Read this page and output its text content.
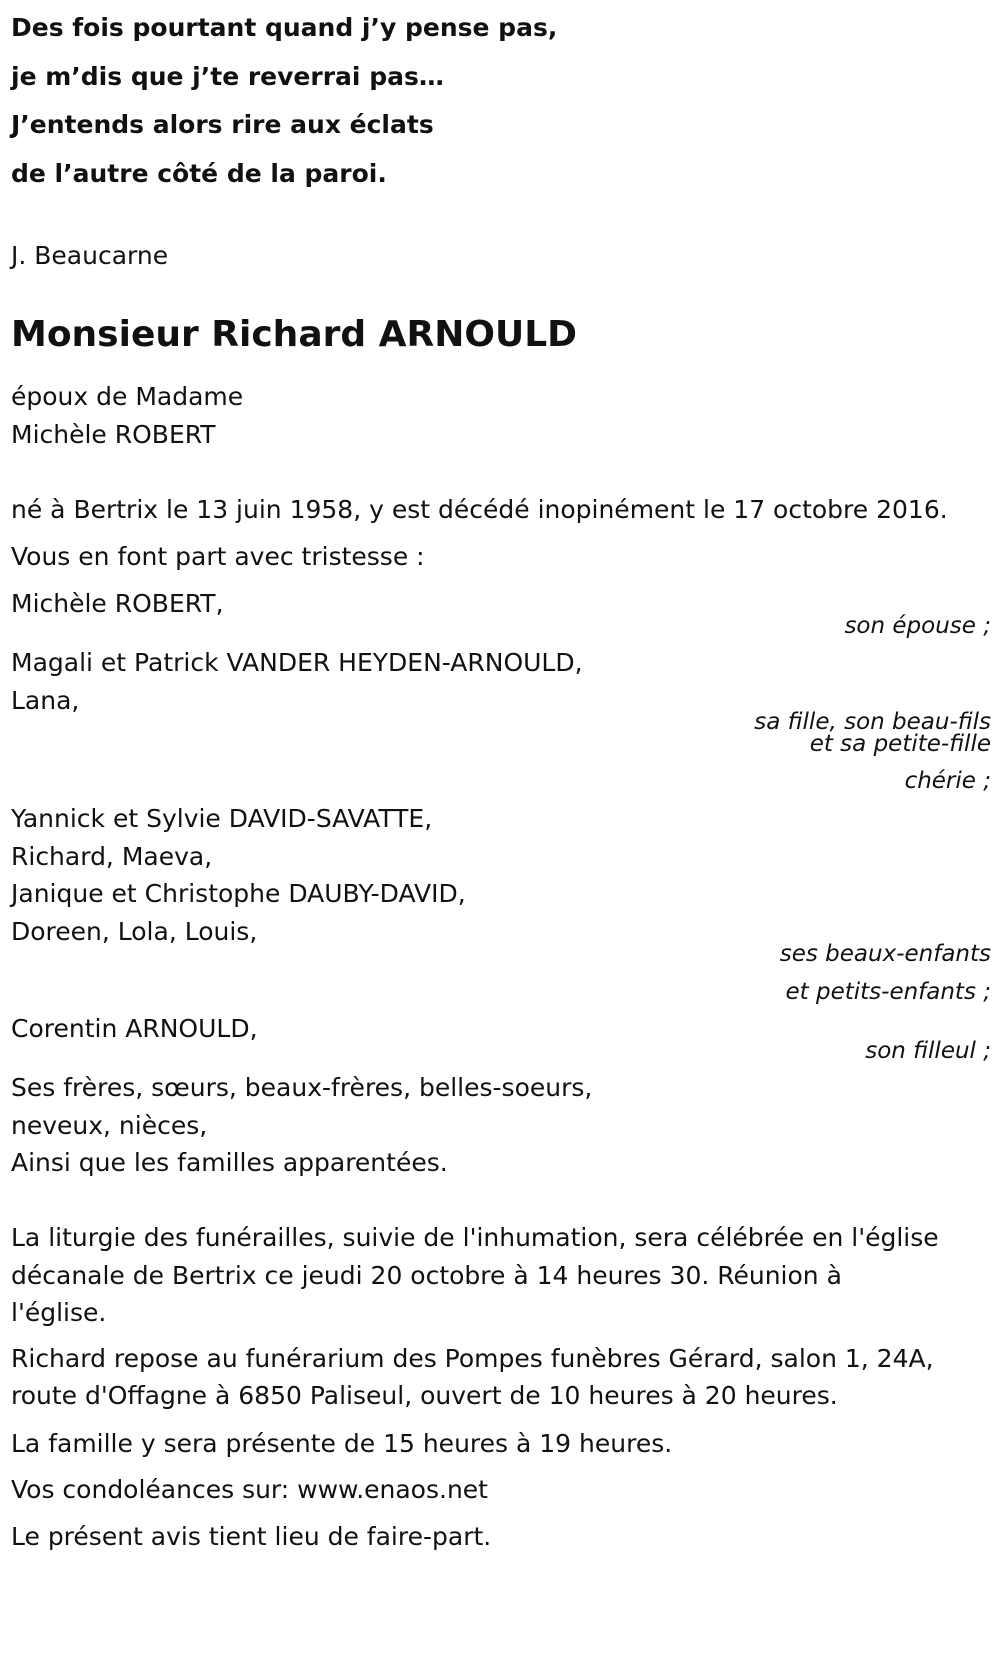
Des fois pourtant quand j’y pense pas,
je m’dis que j’te reverrai pas…
J’entends alors rire aux éclats
de l’autre côté de la paroi.
J. Beaucarne
Monsieur Richard ARNOULD
époux de Madame
Michèle ROBERT
né à Bertrix le 13 juin 1958, y est décédé inopinément le 17 octobre 2016.
Vous en font part avec tristesse :
Michèle ROBERT,
son épouse ;
Magali et Patrick VANDER HEYDEN-ARNOULD,
Lana,
sa fille, son beau-fils
et sa petite-fille
chérie ;
Yannick et Sylvie DAVID-SAVATTE,
Richard, Maeva,
Janique et Christophe DAUBY-DAVID,
Doreen, Lola, Louis,
ses beaux-enfants
et petits-enfants ;
Corentin ARNOULD,
son filleul ;
Ses frères, sœurs, beaux-frères, belles-soeurs,
neveux, nièces,
Ainsi que les familles apparentées.
La liturgie des funérailles, suivie de l'inhumation, sera célébrée en l'église
décanale de Bertrix ce jeudi 20 octobre à 14 heures 30. Réunion à
l'église.
Richard repose au funérarium des Pompes funèbres Gérard, salon 1, 24A,
route d'Offagne à 6850 Paliseul, ouvert de 10 heures à 20 heures.
La famille y sera présente de 15 heures à 19 heures.
Vos condoléances sur: www.enaos.net
Le présent avis tient lieu de faire-part.
